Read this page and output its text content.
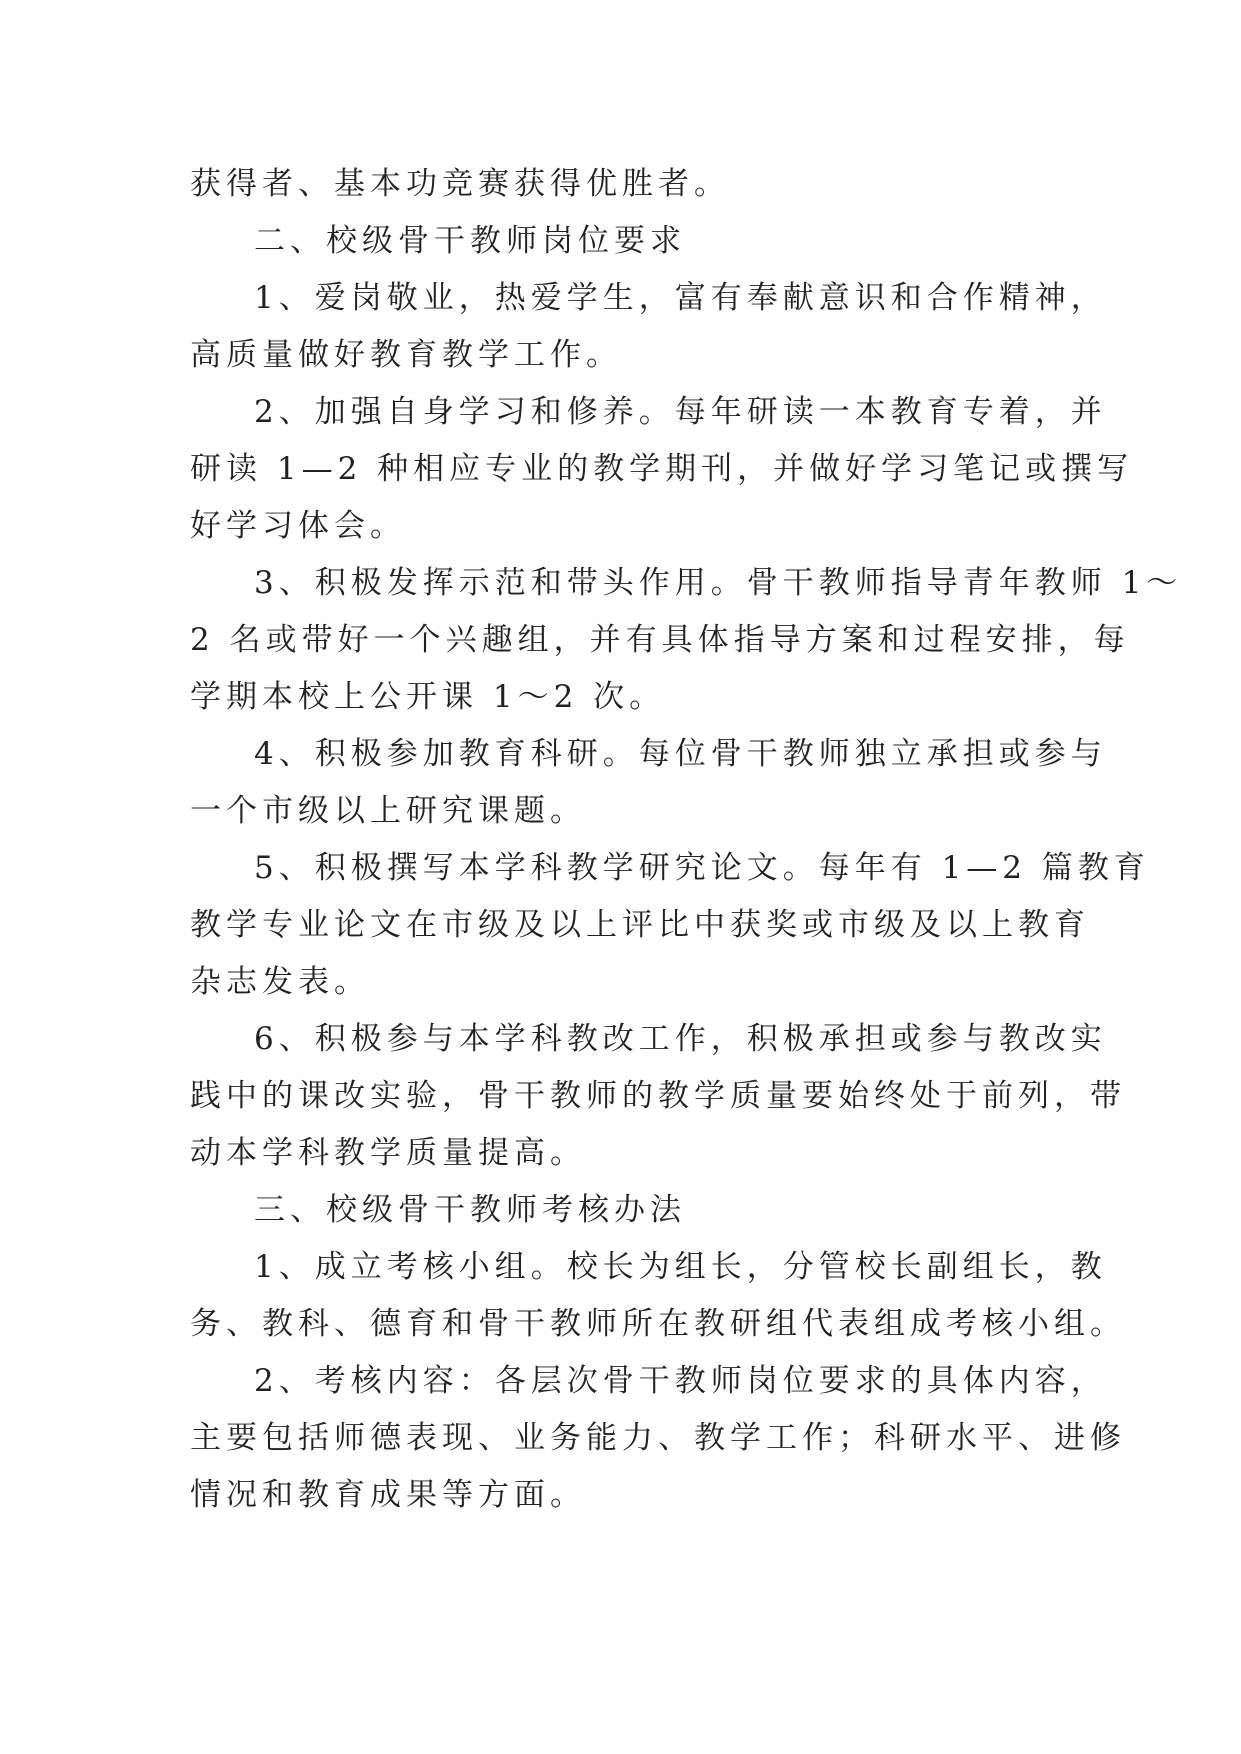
获得者、基本功竞赛获得优胜者。
二、校级骨干教师岗位要求
1、爱岗敬业，热爱学生，富有奉献意识和合作精神，
高质量做好教育教学工作。
2、加强自身学习和修养。每年研读一本教育专着，并
研读 1—2 种相应专业的教学期刊，并做好学习笔记或撰写
好学习体会。
3、积极发挥示范和带头作用。骨干教师指导青年教师 1～
2 名或带好一个兴趣组，并有具体指导方案和过程安排，每
学期本校上公开课 1～2 次。
4、积极参加教育科研。每位骨干教师独立承担或参与
一个市级以上研究课题。
5、积极撰写本学科教学研究论文。每年有 1—2 篇教育
教学专业论文在市级及以上评比中获奖或市级及以上教育
杂志发表。
6、积极参与本学科教改工作，积极承担或参与教改实
践中的课改实验，骨干教师的教学质量要始终处于前列，带
动本学科教学质量提高。
三、校级骨干教师考核办法
1、成立考核小组。校长为组长，分管校长副组长，教
务、教科、德育和骨干教师所在教研组代表组成考核小组。
2、考核内容：各层次骨干教师岗位要求的具体内容，
主要包括师德表现、业务能力、教学工作；科研水平、进修
情况和教育成果等方面。
